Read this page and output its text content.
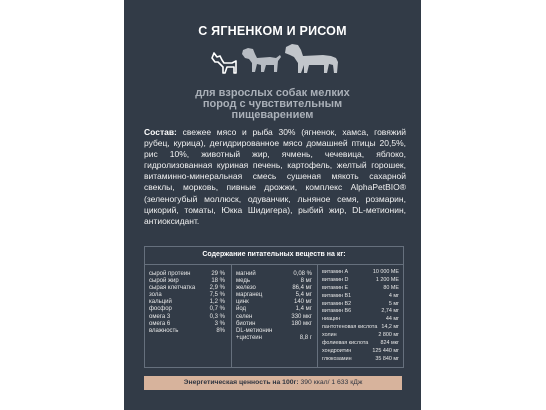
С ЯГНЕНКОМ И РИСОМ
для взрослых собак мелких
пород с чувствительным
пищеварением
Состав: свежее мясо и рыба 30% (ягненок, хамса, говяжий рубец, курица), дегидрированное мясо домашней птицы 20,5%, рис 10%, животный жир, ячмень, чечевица, яблоко, гидролизованная куриная печень, картофель, желтый горошек, витаминно-минеральная смесь сушеная мякоть сахарной свеклы, морковь, пивные дрожжи, комплекс AlphaPetBIO® (зеленогубый моллюск, одуванчик, льняное семя, розмарин, цикорий, томаты, Юкка Шидигера), рыбий жир, DL-метионин, антиоксидант.
Содержание питательных веществ на кг:
сырой протеин	29 %
сырой жир	18 %
сырая клетчатка 2,9 %
зола	7,5 %
кальций	1,2 %
фосфор	0,7 %
омега 3	0,3 %
омега 6	3 %
влажность	8%
магний	0,08 %
медь	8 мг
железо	86,4 мг
марганец	5,4 мг
цинк	140 мг
йод	1,4 мг
селен	330 мкг
биотин	180 мкг
DL-метионин
+цистеин	8,8 г
витамин A	10 000 МЕ
витамин D	1 200 МЕ
витамин E	80 МЕ
витамин B1	4 мг
витамин B2	5 мг
витамин B6	2,74 мг
ниацин	44 мг
пантотеновая кислота 14,2 мг
холин	2 800 мг
фолиевая кислота 824 мкг
хондроитин	125 440 мг
глюкозамин	35 840 мг
Энергетическая ценность на 100г: 390 ккал/ 1 633 кДж
